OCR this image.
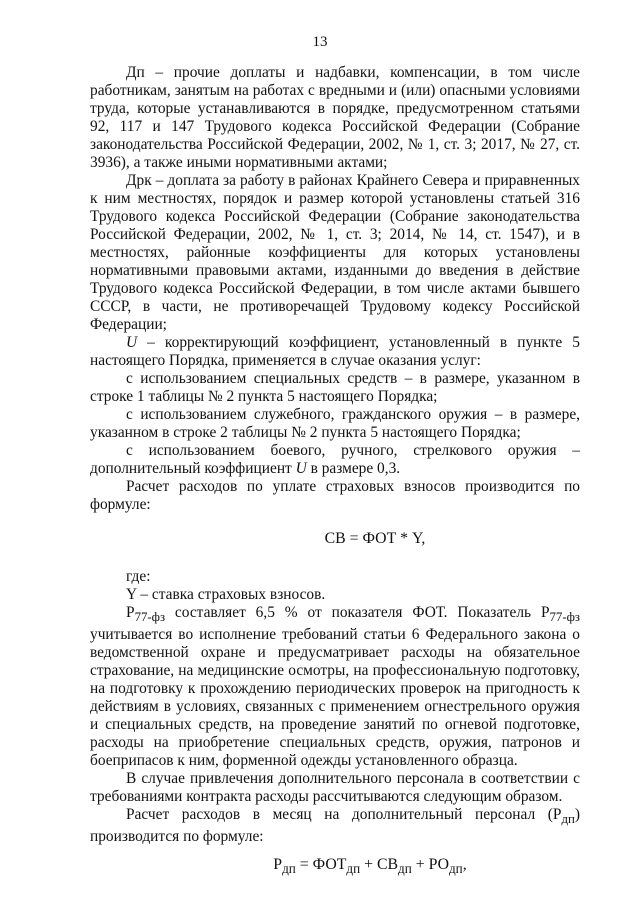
13

Дп – прочие доплаты и надбавки, компенсации, в том числе работникам, занятым на работах с вредными и (или) опасными условиями труда, которые устанавливаются в порядке, предусмотренном статьями 92, 117 и 147 Трудового кодекса Российской Федерации (Собрание законодательства Российской Федерации, 2002, № 1, ст. 3; 2017, № 27, ст. 3936), а также иными нормативными актами;

Дрк – доплата за работу в районах Крайнего Севера и приравненных к ним местностях, порядок и размер которой установлены статьей 316 Трудового кодекса Российской Федерации (Собрание законодательства Российской Федерации, 2002, № 1, ст. 3; 2014, № 14, ст. 1547), и в местностях, районные коэффициенты для которых установлены нормативными правовыми актами, изданными до введения в действие Трудового кодекса Российской Федерации, в том числе актами бывшего СССР, в части, не противоречащей Трудовому кодексу Российской Федерации;

U – корректирующий коэффициент, установленный в пункте 5 настоящего Порядка, применяется в случае оказания услуг:

с использованием специальных средств – в размере, указанном в строке 1 таблицы № 2 пункта 5 настоящего Порядка;

с использованием служебного, гражданского оружия – в размере, указанном в строке 2 таблицы № 2 пункта 5 настоящего Порядка;

с использованием боевого, ручного, стрелкового оружия – дополнительный коэффициент U в размере 0,3.

Расчет расходов по уплате страховых взносов производится по формуле:

СВ = ФОТ * Y,

где:

Y – ставка страховых взносов.

$Р_{77-фз}$ составляет 6,5 % от показателя ФОТ. Показатель $Р_{77-фз}$ учитывается во исполнение требований статьи 6 Федерального закона о ведомственной охране и предусматривает расходы на обязательное страхование, на медицинские осмотры, на профессиональную подготовку, на подготовку к прохождению периодических проверок на пригодность к действиям в условиях, связанных с применением огнестрельного оружия и специальных средств, на проведение занятий по огневой подготовке, расходы на приобретение специальных средств, оружия, патронов и боеприпасов к ним, форменной одежды установленного образца.

В случае привлечения дополнительного персонала в соответствии с требованиями контракта расходы рассчитываются следующим образом.

Расчет расходов в месяц на дополнительный персонал $(Р_{дп})$ производится по формуле:

$Р_{дп} = ФОТ_{дп} + СВ_{дп} + РО_{дп}$,
